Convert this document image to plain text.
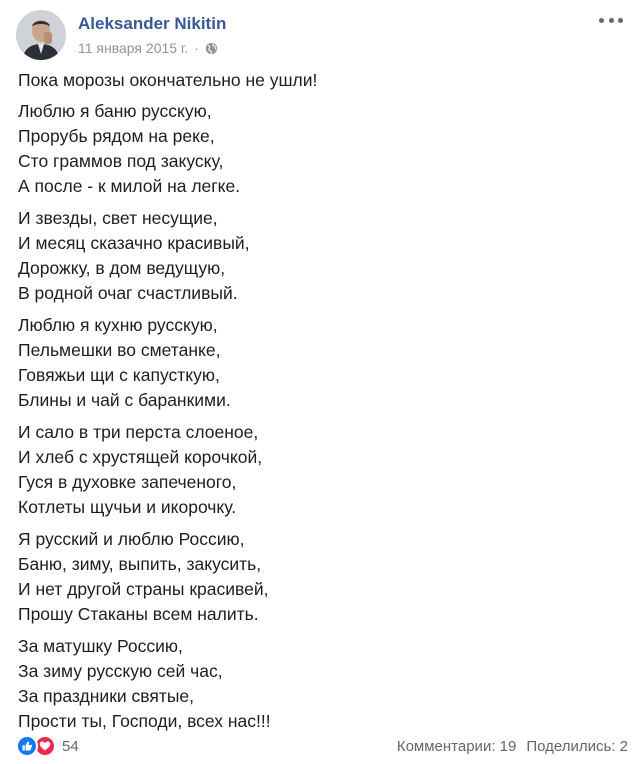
Aleksander Nikitin
11 января 2015 г. ·
Пока морозы окончательно не ушли!
Люблю я баню русскую,
Прорубь рядом на реке,
Сто граммов под закуску,
А после - к милой на легке.
И звезды, свет несущие,
И месяц сказачно красивый,
Дорожку, в дом ведущую,
В родной очаг счастливый.
Люблю я кухню русскую,
Пельмешки во сметанке,
Говяжьи щи с капусткую,
Блины и чай с баранкими.
И сало в три перста слоеное,
И хлеб с хрустящей корочкой,
Гуся в духовке запеченого,
Котлеты щучьи и икорочку.
Я русский и люблю Россию,
Баню, зиму, выпить, закусить,
И нет другой страны красивей,
Прошу Стаканы всем налить.
За матушку Россию,
За зиму русскую сей час,
За праздники святые,
Прости ты, Господи, всех нас!!!
54	Комментарии: 19 Поделились: 2
